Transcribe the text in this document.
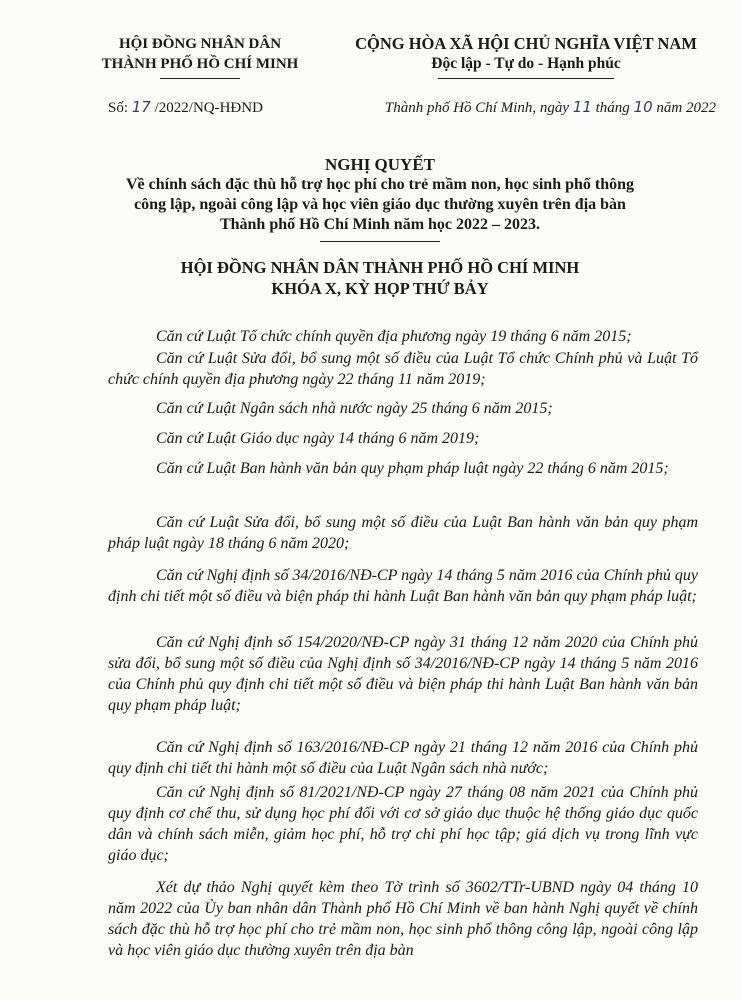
HỘI ĐỒNG NHÂN DÂN
THÀNH PHỐ HỒ CHÍ MINH
CỘNG HÒA XÃ HỘI CHỦ NGHĨA VIỆT NAM
Độc lập - Tự do - Hạnh phúc
Số: 17 /2022/NQ-HĐND	Thành phố Hồ Chí Minh, ngày 11 tháng 10 năm 2022
NGHỊ QUYẾT
Về chính sách đặc thù hỗ trợ học phí cho trẻ mầm non, học sinh phổ thông
công lập, ngoài công lập và học viên giáo dục thường xuyên trên địa bàn
Thành phố Hồ Chí Minh năm học 2022 – 2023.
HỘI ĐỒNG NHÂN DÂN THÀNH PHỐ HỒ CHÍ MINH
KHÓA X, KỲ HỌP THỨ BẢY

Căn cứ Luật Tổ chức chính quyền địa phương ngày 19 tháng 6 năm 2015;

Căn cứ Luật Sửa đổi, bổ sung một số điều của Luật Tổ chức Chính phủ và Luật Tổ chức chính quyền địa phương ngày 22 tháng 11 năm 2019;

Căn cứ Luật Ngân sách nhà nước ngày 25 tháng 6 năm 2015;

Căn cứ Luật Giáo dục ngày 14 tháng 6 năm 2019;

Căn cứ Luật Ban hành văn bản quy phạm pháp luật ngày 22 tháng 6 năm 2015;

Căn cứ Luật Sửa đổi, bổ sung một số điều của Luật Ban hành văn bản quy phạm pháp luật ngày 18 tháng 6 năm 2020;

Căn cứ Nghị định số 34/2016/NĐ-CP ngày 14 tháng 5 năm 2016 của Chính phủ quy định chi tiết một số điều và biện pháp thi hành Luật Ban hành văn bản quy phạm pháp luật;

Căn cứ Nghị định số 154/2020/NĐ-CP ngày 31 tháng 12 năm 2020 của Chính phủ sửa đổi, bổ sung một số điều của Nghị định số 34/2016/NĐ-CP ngày 14 tháng 5 năm 2016 của Chính phủ quy định chi tiết một số điều và biện pháp thi hành Luật Ban hành văn bản quy phạm pháp luật;

Căn cứ Nghị định số 163/2016/NĐ-CP ngày 21 tháng 12 năm 2016 của Chính phủ quy định chi tiết thi hành một số điều của Luật Ngân sách nhà nước;

Căn cứ Nghị định số 81/2021/NĐ-CP ngày 27 tháng 08 năm 2021 của Chính phủ quy định cơ chế thu, sử dụng học phí đối với cơ sở giáo dục thuộc hệ thống giáo dục quốc dân và chính sách miễn, giảm học phí, hỗ trợ chi phí học tập; giá dịch vụ trong lĩnh vực giáo dục;

Xét dự thảo Nghị quyết kèm theo Tờ trình số 3602/TTr-UBND ngày 04 tháng 10 năm 2022 của Ủy ban nhân dân Thành phố Hồ Chí Minh về ban hành Nghị quyết về chính sách đặc thù hỗ trợ học phí cho trẻ mầm non, học sinh phổ thông công lập, ngoài công lập và học viên giáo dục thường xuyên trên địa bàn
